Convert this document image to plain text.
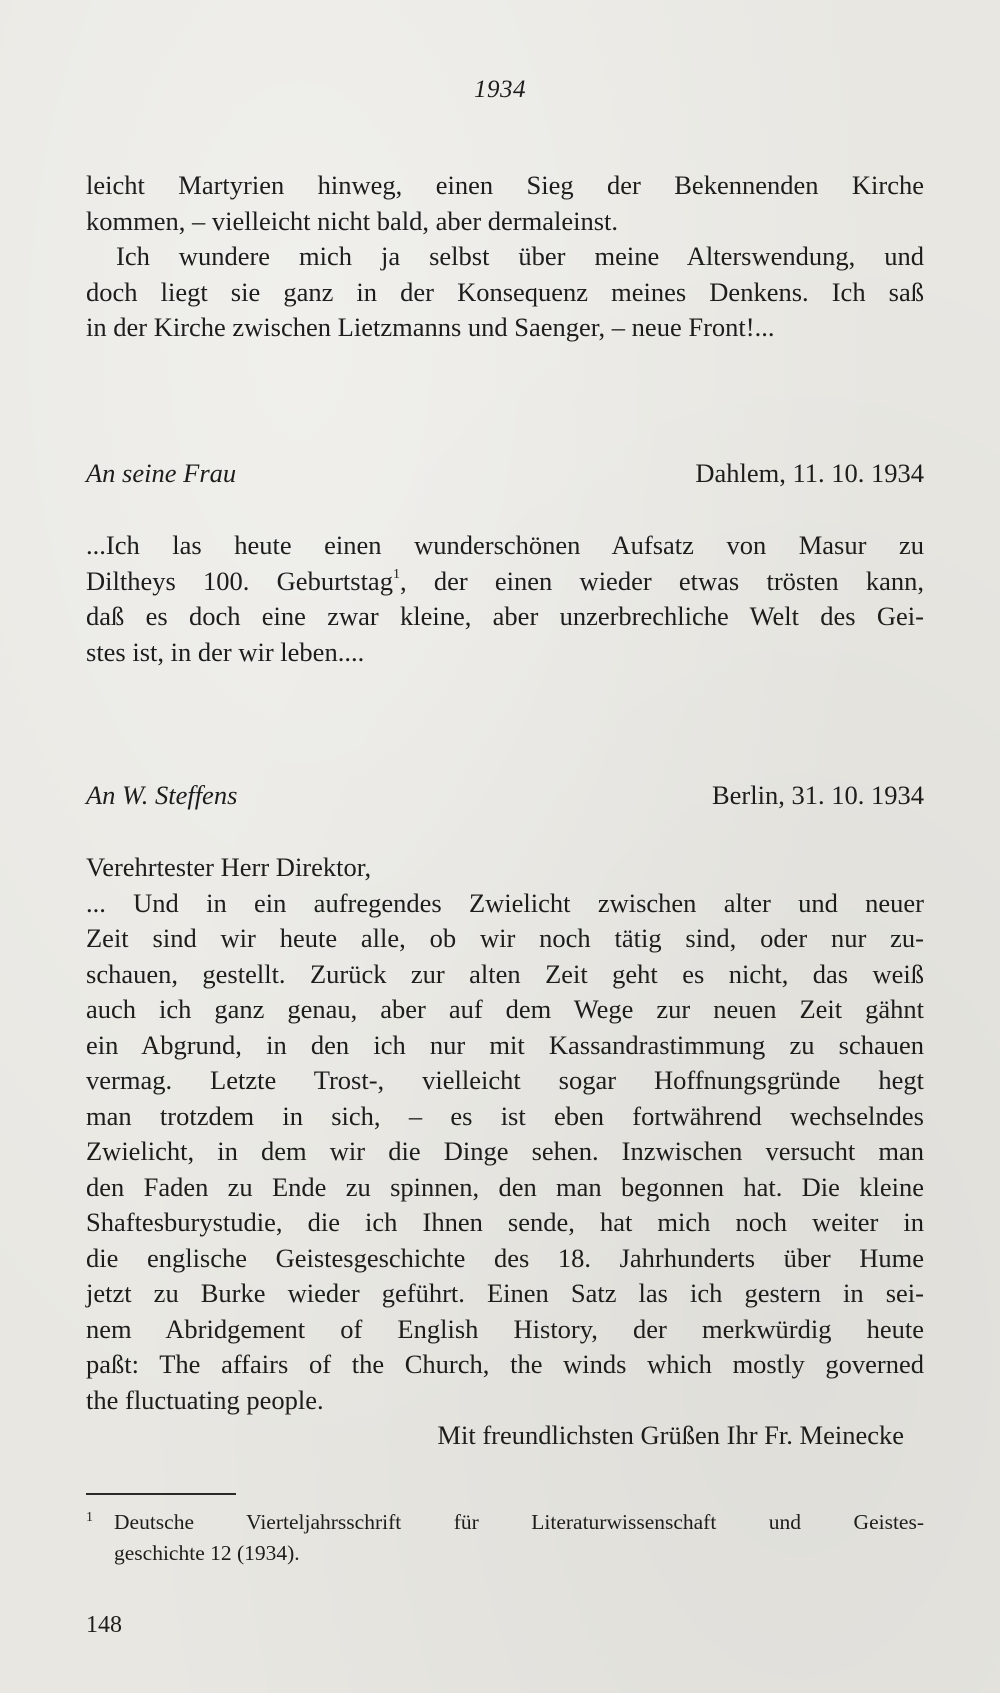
1934
leicht Martyrien hinweg, einen Sieg der Bekennenden Kirche
kommen, – vielleicht nicht bald, aber dermaleinst.
Ich wundere mich ja selbst über meine Alterswendung, und
doch liegt sie ganz in der Konsequenz meines Denkens. Ich saß
in der Kirche zwischen Lietzmanns und Saenger, – neue Front!...
An seine Frau	Dahlem, 11. 10. 1934
...Ich las heute einen wunderschönen Aufsatz von Masur zu
Diltheys 100. Geburtstag$^1$, der einen wieder etwas trösten kann,
daß es doch eine zwar kleine, aber unzerbrechliche Welt des Gei-
stes ist, in der wir leben....
An W. Steffens	Berlin, 31. 10. 1934
Verehrtester Herr Direktor,
... Und in ein aufregendes Zwielicht zwischen alter und neuer
Zeit sind wir heute alle, ob wir noch tätig sind, oder nur zu-
schauen, gestellt. Zurück zur alten Zeit geht es nicht, das weiß
auch ich ganz genau, aber auf dem Wege zur neuen Zeit gähnt
ein Abgrund, in den ich nur mit Kassandrastimmung zu schauen
vermag. Letzte Trost-, vielleicht sogar Hoffnungsgründe hegt
man trotzdem in sich, – es ist eben fortwährend wechselndes
Zwielicht, in dem wir die Dinge sehen. Inzwischen versucht man
den Faden zu Ende zu spinnen, den man begonnen hat. Die kleine
Shaftesburystudie, die ich Ihnen sende, hat mich noch weiter in
die englische Geistesgeschichte des 18. Jahrhunderts über Hume
jetzt zu Burke wieder geführt. Einen Satz las ich gestern in sei-
nem Abridgement of English History, der merkwürdig heute
paßt: The affairs of the Church, the winds which mostly governed
the fluctuating people.
Mit freundlichsten Grüßen Ihr Fr. Meinecke
1 Deutsche Vierteljahrsschrift für Literaturwissenschaft und Geistes-
geschichte 12 (1934).
148
